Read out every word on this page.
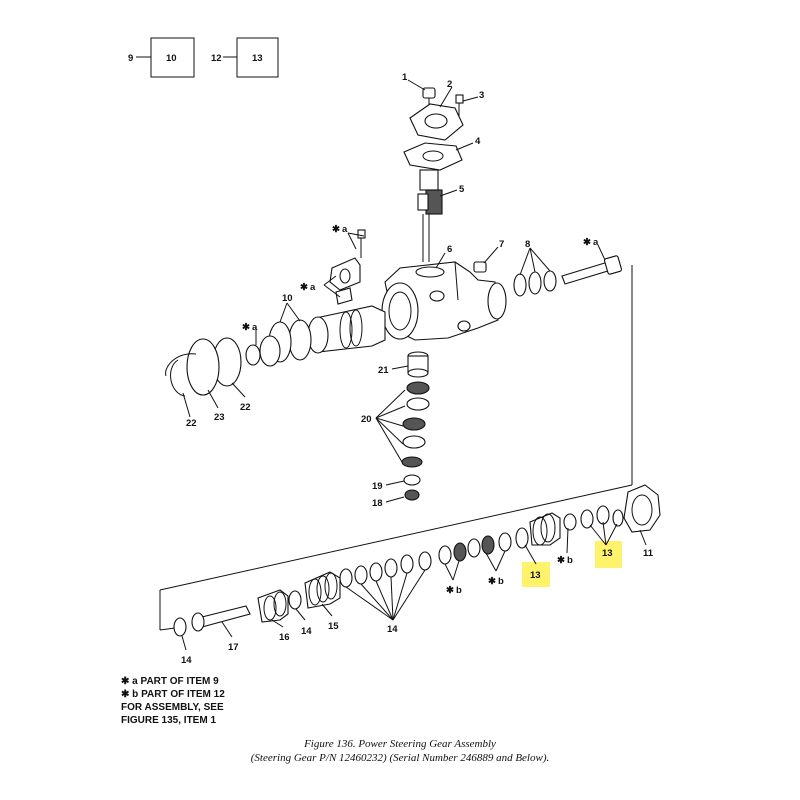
9	10	12	13
1
2
3
4
5
6	7 8	✱ a
✱ a
✱ a
10
✱ a
22
23
22
21
20
19
18
13
13	11
✱ b
✱ b
✱ b
14
15
14
16
17
14
✱ a PART OF ITEM 9
✱ b PART OF ITEM 12
FOR ASSEMBLY, SEE
FIGURE 135, ITEM 1
Figure 136. Power Steering Gear Assembly
(Steering Gear P/N 12460232) (Serial Number 246889 and Below).
